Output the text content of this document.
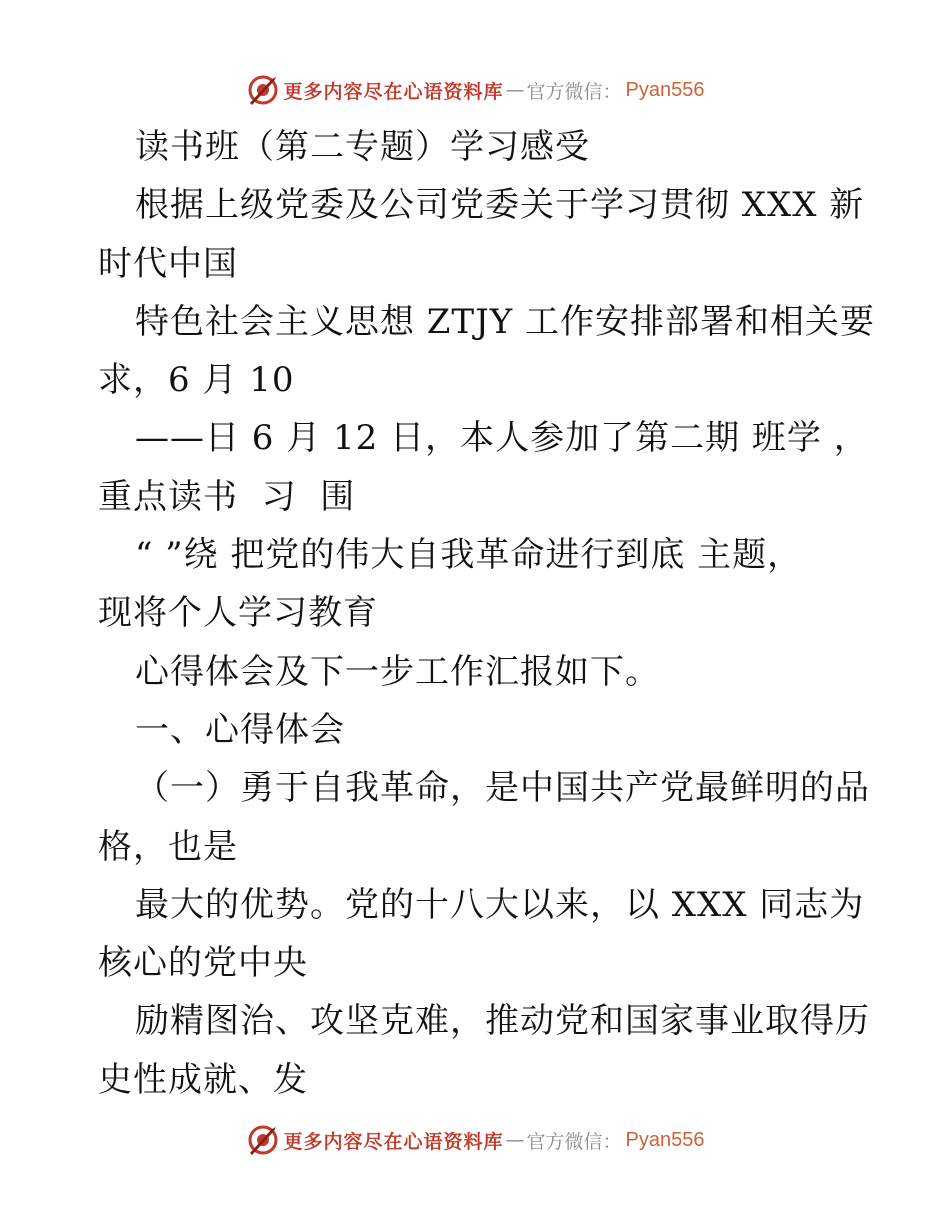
更多内容尽在心语资料库 — 官方微信： Pyan556
读书班（第二专题）学习感受
根据上级党委及公司党委关于学习贯彻 XXX 新
时代中国
特色社会主义思想 ZTJY 工作安排部署和相关要
求，6 月 10
——日 6 月 12 日，本人参加了第二期 班学 ，
重点读书  习  围
“ ”绕 把党的伟大自我革命进行到底 主题，
现将个人学习教育
心得体会及下一步工作汇报如下。
一、心得体会
（一）勇于自我革命，是中国共产党最鲜明的品
格，也是
最大的优势。党的十八大以来，以 XXX 同志为
核心的党中央
励精图治、攻坚克难，推动党和国家事业取得历
史性成就、发
更多内容尽在心语资料库 — 官方微信： Pyan556
